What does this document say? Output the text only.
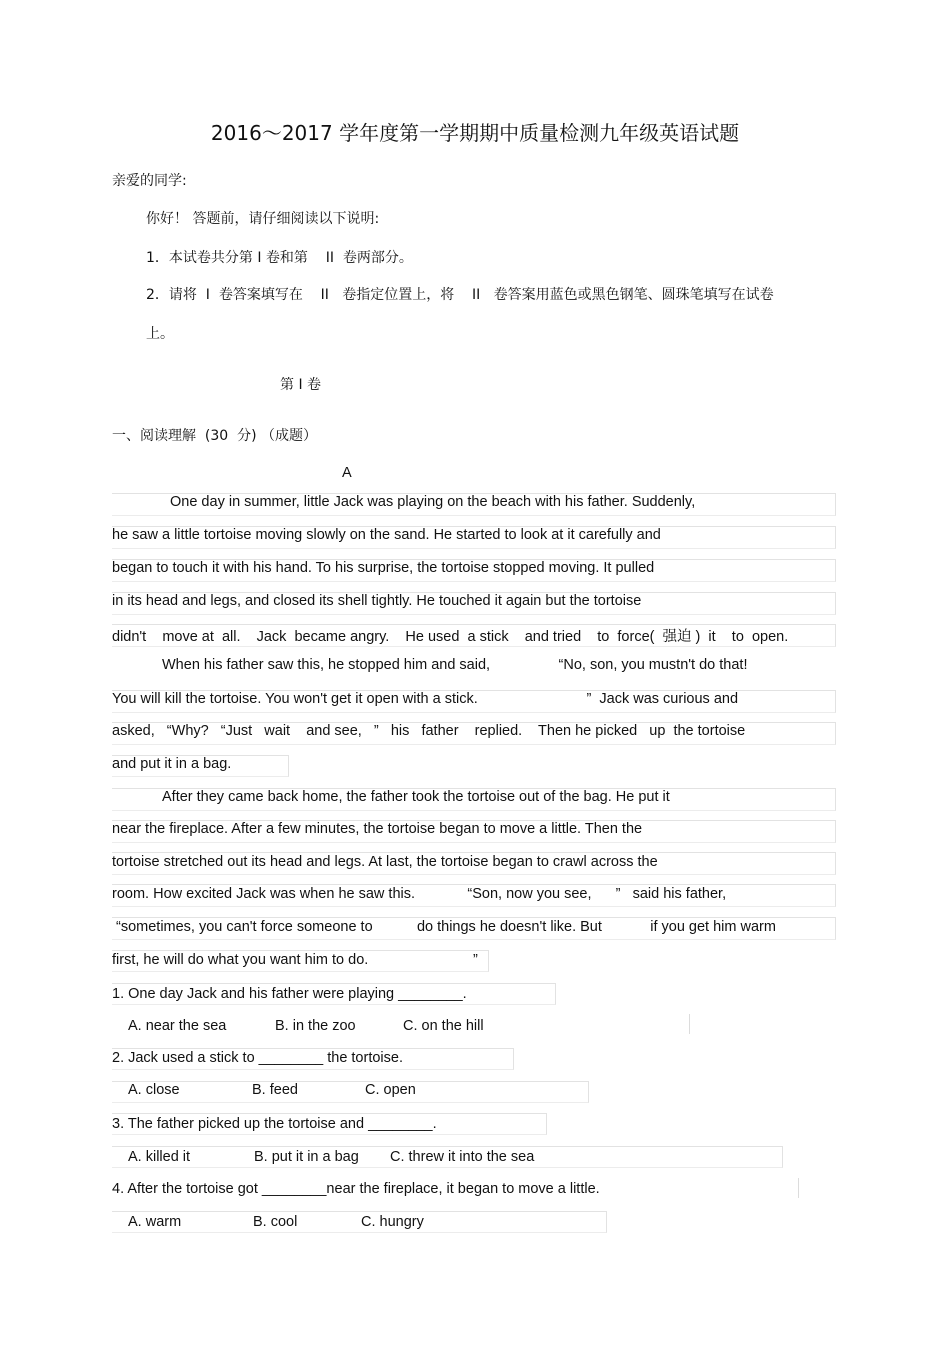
2016～2017 学年度第一学期期中质量检测九年级英语试题
亲爱的同学:
你好！ 答题前，请仔细阅读以下说明:
1．本试卷共分第 I 卷和第    II  卷两部分。
2．请将  I  卷答案填写在    II   卷指定位置上，将    II   卷答案用蓝色或黑色钢笔、圆珠笔填写在试卷
上。
第 I 卷
一、阅读理解  (30  分) （成题）
A
One day in summer, little Jack was playing on the beach with his father. Suddenly,
he saw a little tortoise moving slowly on the sand. He started to look at it carefully and
began to touch it with his hand. To his surprise, the tortoise stopped moving. It pulled
in its head and legs, and closed its shell tightly. He touched it again but the tortoise
didn't    move at  all.    Jack  became angry.    He used  a stick    and tried    to  force(  强迫 )  it    to  open.
When his father saw this, he stopped him and said,                 “No, son, you mustn't do that!
You will kill the tortoise. You won't get it open with a stick.                           ”  Jack was curious and
asked,   “Why?   “Just   wait    and see,   ”   his   father    replied.    Then he picked   up  the tortoise
and put it in a bag.
After they came back home, the father took the tortoise out of the bag. He put it
near the fireplace. After a few minutes, the tortoise began to move a little. Then the
tortoise stretched out its head and legs. At last, the tortoise began to crawl across the
room. How excited Jack was when he saw this.             “Son, now you see,      ”   said his father,
“sometimes, you can't force someone to           do things he doesn't like. But            if you get him warm
first, he will do what you want him to do.                          ”
1. One day Jack and his father were playing ________.
A. near the sea	B. in the zoo	C. on the hill
2. Jack used a stick to ________ the tortoise.
A. close	B. feed	C. open
3. The father picked up the tortoise and ________.
A. killed it	B. put it in a bag C. threw it into the sea
4. After the tortoise got ________near the fireplace, it began to move a little.
A. warm	B. cool	C. hungry
